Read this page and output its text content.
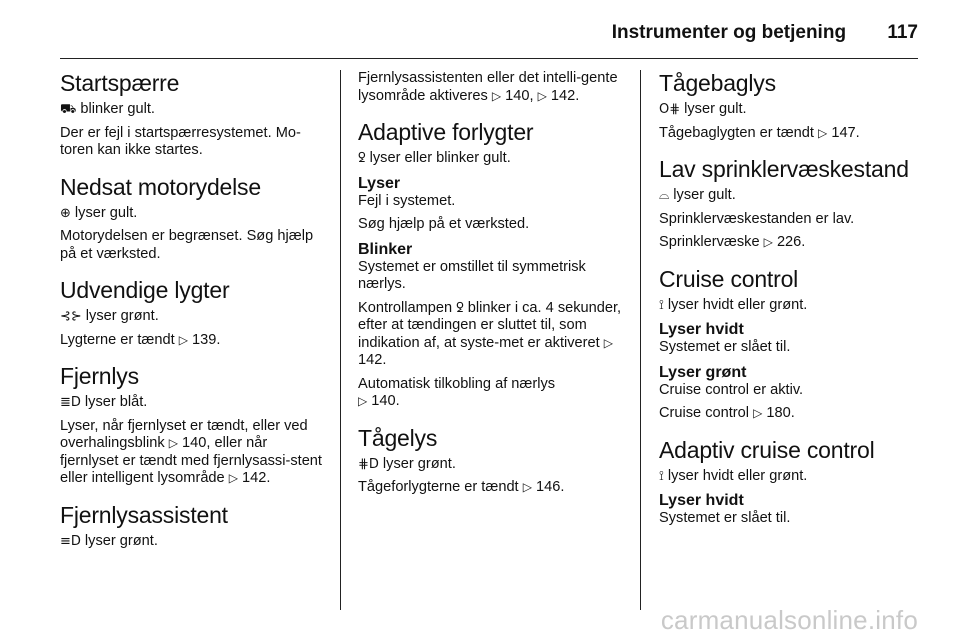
Instrumenter og betjening 117
Startspærre

⛟ blinker gult.

Der er fejl i startspærresystemet. Mo-toren kan ikke startes.

Nedsat motorydelse

⊕ lyser gult.

Motorydelsen er begrænset. Søg hjælp på et værksted.

Udvendige lygter

⊰⊱ lyser grønt.

Lygterne er tændt ▷ 139.

Fjernlys

≣D lyser blåt.

Lyser, når fjernlyset er tændt, eller ved overhalingsblink ▷ 140, eller når fjernlyset er tændt med fjernlysassi-stent eller intelligent lysområde ▷ 142.

Fjernlysassistent

≡D lyser grønt.

Fjernlysassistenten eller det intelli-gente lysområde aktiveres ▷ 140, ▷ 142.

Adaptive forlygter

ꝿ lyser eller blinker gult.

Lyser

Fejl i systemet.

Søg hjælp på et værksted.

Blinker

Systemet er omstillet til symmetrisk nærlys.

Kontrollampen ꝿ blinker i ca. 4 sekunder, efter at tændingen er sluttet til, som indikation af, at syste-met er aktiveret ▷ 142.

Automatisk tilkobling af nærlys
▷ 140.

Tågelys

⋕D lyser grønt.

Tågeforlygterne er tændt ▷ 146.

Tågebaglys

O⋕ lyser gult.

Tågebaglygten er tændt ▷ 147.

Lav sprinklervæskestand

⌓ lyser gult.

Sprinklervæskestanden er lav.

Sprinklervæske ▷ 226.

Cruise control

⟟ lyser hvidt eller grønt.

Lyser hvidt

Systemet er slået til.

Lyser grønt

Cruise control er aktiv.

Cruise control ▷ 180.

Adaptiv cruise control

⟟ lyser hvidt eller grønt.

Lyser hvidt

Systemet er slået til.

carmanualsonline.info
